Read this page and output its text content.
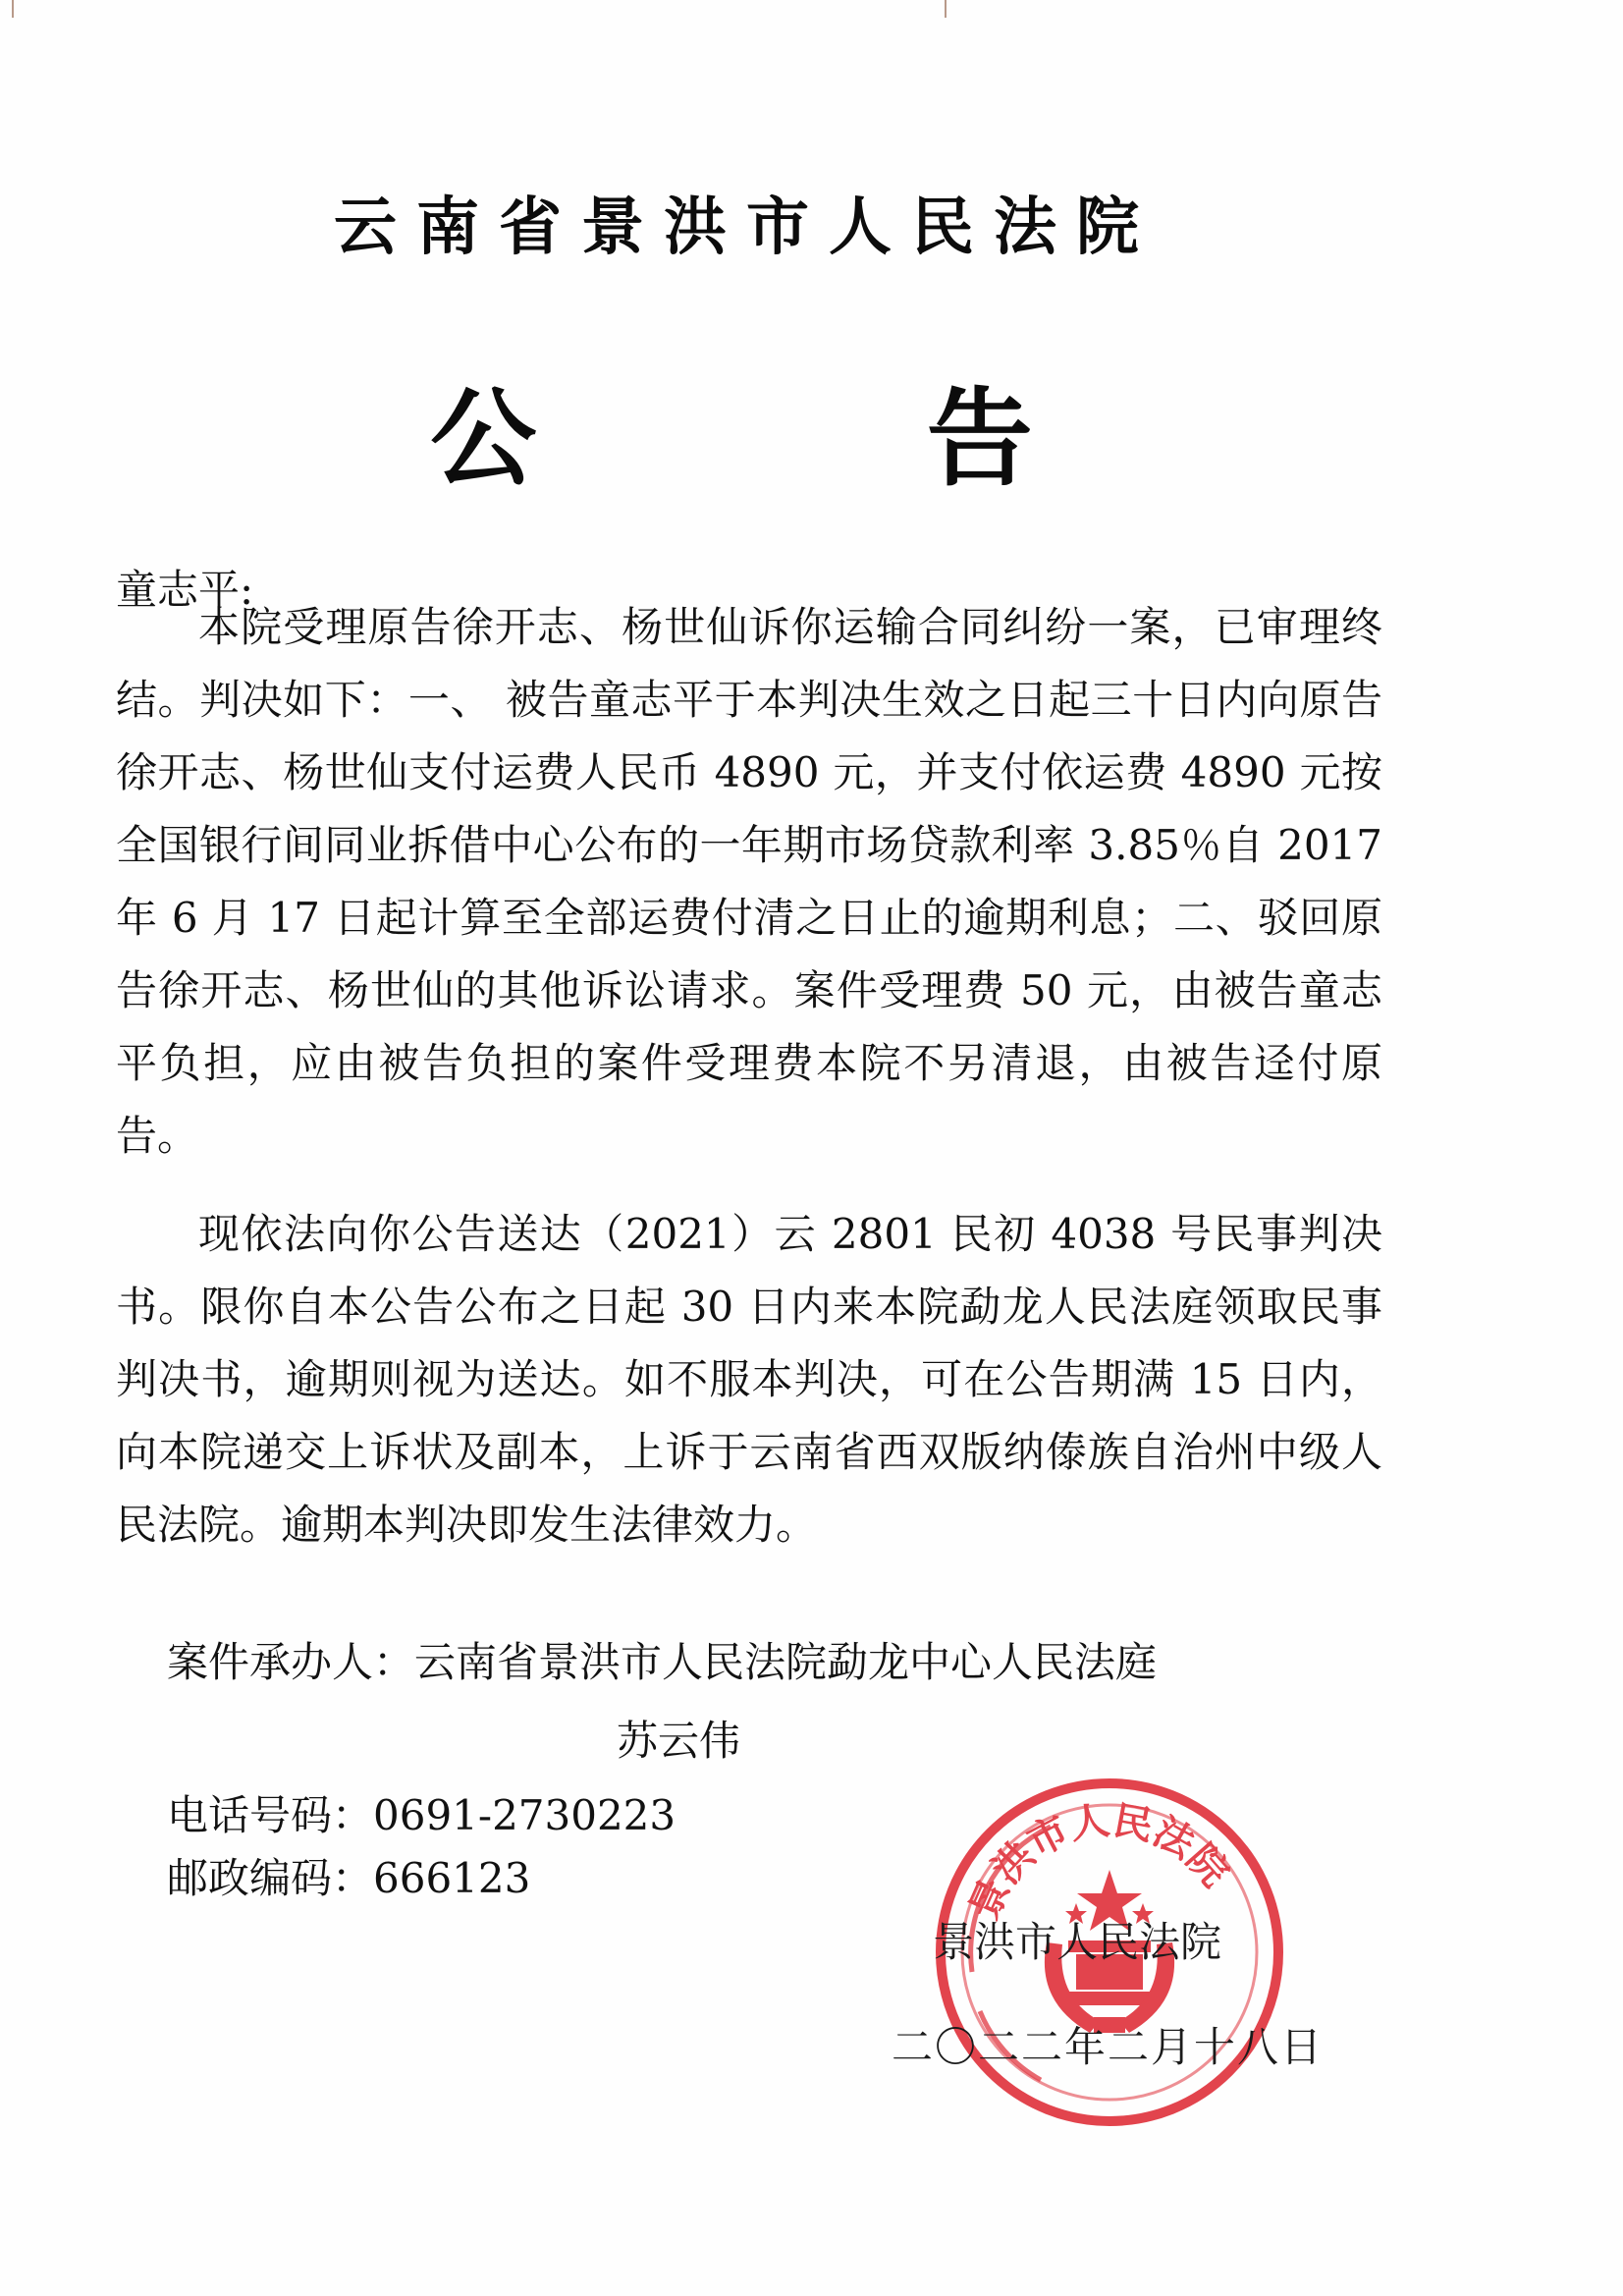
云南省景洪市人民法院
公 告
童志平:

本院受理原告徐开志、杨世仙诉你运输合同纠纷一案，已审理终结。判决如下：一、 被告童志平于本判决生效之日起三十日内向原告徐开志、杨世仙支付运费人民币 4890 元，并支付依运费 4890 元按全国银行间同业拆借中心公布的一年期市场贷款利率 3.85％自 2017 年 6 月 17 日起计算至全部运费付清之日止的逾期利息；二、驳回原告徐开志、杨世仙的其他诉讼请求。案件受理费 50 元，由被告童志平负担，应由被告负担的案件受理费本院不另清退，由被告迳付原告。

现依法向你公告送达（2021）云 2801 民初 4038 号民事判决书。限你自本公告公布之日起 30 日内来本院勐龙人民法庭领取民事判决书，逾期则视为送达。如不服本判决，可在公告期满 15 日内，向本院递交上诉状及副本，上诉于云南省西双版纳傣族自治州中级人民法院。逾期本判决即发生法律效力。

案件承办人：云南省景洪市人民法院勐龙中心人民法庭
苏云伟
电话号码：0691-2730223
邮政编码：666123	景洪市人民法院
景洪市人民法院
二〇二二年二月十八日
